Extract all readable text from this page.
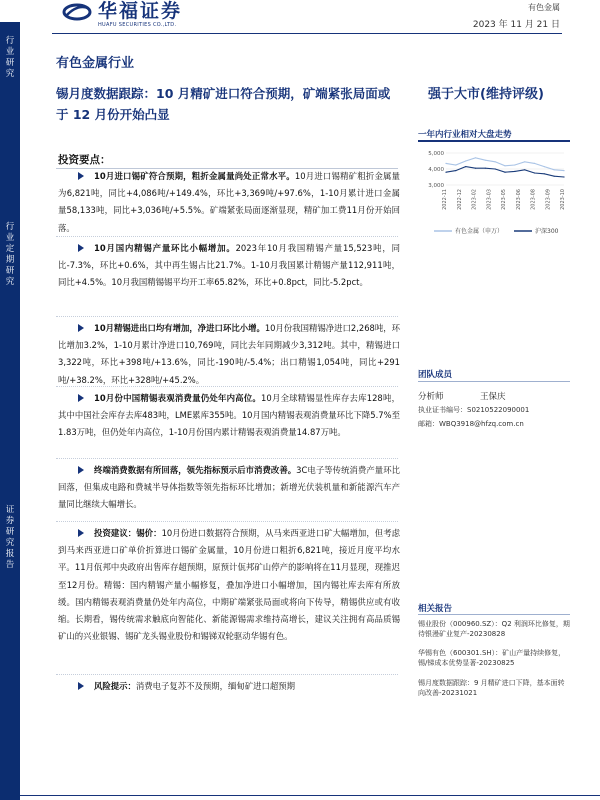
华福证券
HUAFU SECURITIES CO.,LTD.
有色金属
2023 年 11 月 21 日
行业研究
行业定期研究
证券研究报告
有色金属行业
锡月度数据跟踪：10 月精矿进口符合预期，矿端紧张局面或于 12 月份开始凸显
强于大市(维持评级)
一年内行业相对大盘走势
5,000
4,000
3,000
2022-11 2022-12 2023-02 2023-03 2023-05 2023-06 2023-08 2023-09 2023-10
有色金属（申万）	沪深300
团队成员
分析师	王保庆
执业证书编号：S0210522090001
邮箱：WBQ3918@hfzq.com.cn
相关报告
锡业股份（000960.SZ）：Q2 利润环比修复，期待银漫矿业复产-20230828
华锡有色（600301.SH）：矿山产量持续修复，锡/锑成本优势显著-20230825
锡月度数据跟踪：9 月精矿进口下降，基本面转向改善-20231021
投资要点：
10月进口锡矿符合预期，粗折金属量尚处正常水平。10月进口锡精矿粗折金属量为6,821吨，同比+4,086吨/+149.4%，环比+3,369吨/+97.6%，1-10月累计进口金属量58,133吨，同比+3,036吨/+5.5%。矿端紧张局面逐渐显现，精矿加工费11月份开始回落。
10月国内精锡产量环比小幅增加。2023年10月我国精锡产量15,523吨，同比-7.3%，环比+0.6%，其中再生锡占比21.7%。1-10月我国累计精锡产量112,911吨，同比+4.5%。10月我国精锡锡平均开工率65.82%，环比+0.8pct，同比-5.2pct。
10月精锡进出口均有增加，净进口环比小增。10月份我国精锡净进口2,268吨，环比增加3.2%，1-10月累计净进口10,769吨，同比去年同期减少3,312吨。其中，精锡进口3,322吨，环比+398吨/+13.6%，同比-190吨/-5.4%；出口精锡1,054吨，同比+291吨/+38.2%，环比+328吨/+45.2%。
10月份中国精锡表观消费量仍处年内高位。10月全球精锡显性库存去库128吨，其中中国社会库存去库483吨，LME累库355吨。10月国内精锡表观消费量环比下降5.7%至1.83万吨，但仍处年内高位，1-10月份国内累计精锡表观消费量14.87万吨。
终端消费数据有所回落，领先指标预示后市消费改善。3C电子等传统消费产量环比回落，但集成电路和费城半导体指数等领先指标环比增加；新增光伏装机量和新能源汽车产量同比继续大幅增长。
投资建议：锡价：10月份进口数据符合预期，从马来西亚进口矿大幅增加，但考虑到马来西亚进口矿单价折算进口锡矿金属量，10月份进口粗折6,821吨，接近月度平均水平。11月佤邦中央政府出售库存超预期，原预计佤邦矿山停产的影响将在11月显现，现推迟至12月份。精锡：国内精锡产量小幅修复，叠加净进口小幅增加，国内锡社库去库有所放缓。国内精锡表观消费量仍处年内高位，中期矿端紧张局面或将向下传导，精锡供应或有收缩。长期看，锡传统需求触底向智能化、新能源锡需求维持高增长，建议关注拥有高品质锡矿山的兴业银锡、锡矿龙头锡业股份和锡锑双轮驱动华锡有色。
风险提示：消费电子复苏不及预期，缅甸矿进口超预期
